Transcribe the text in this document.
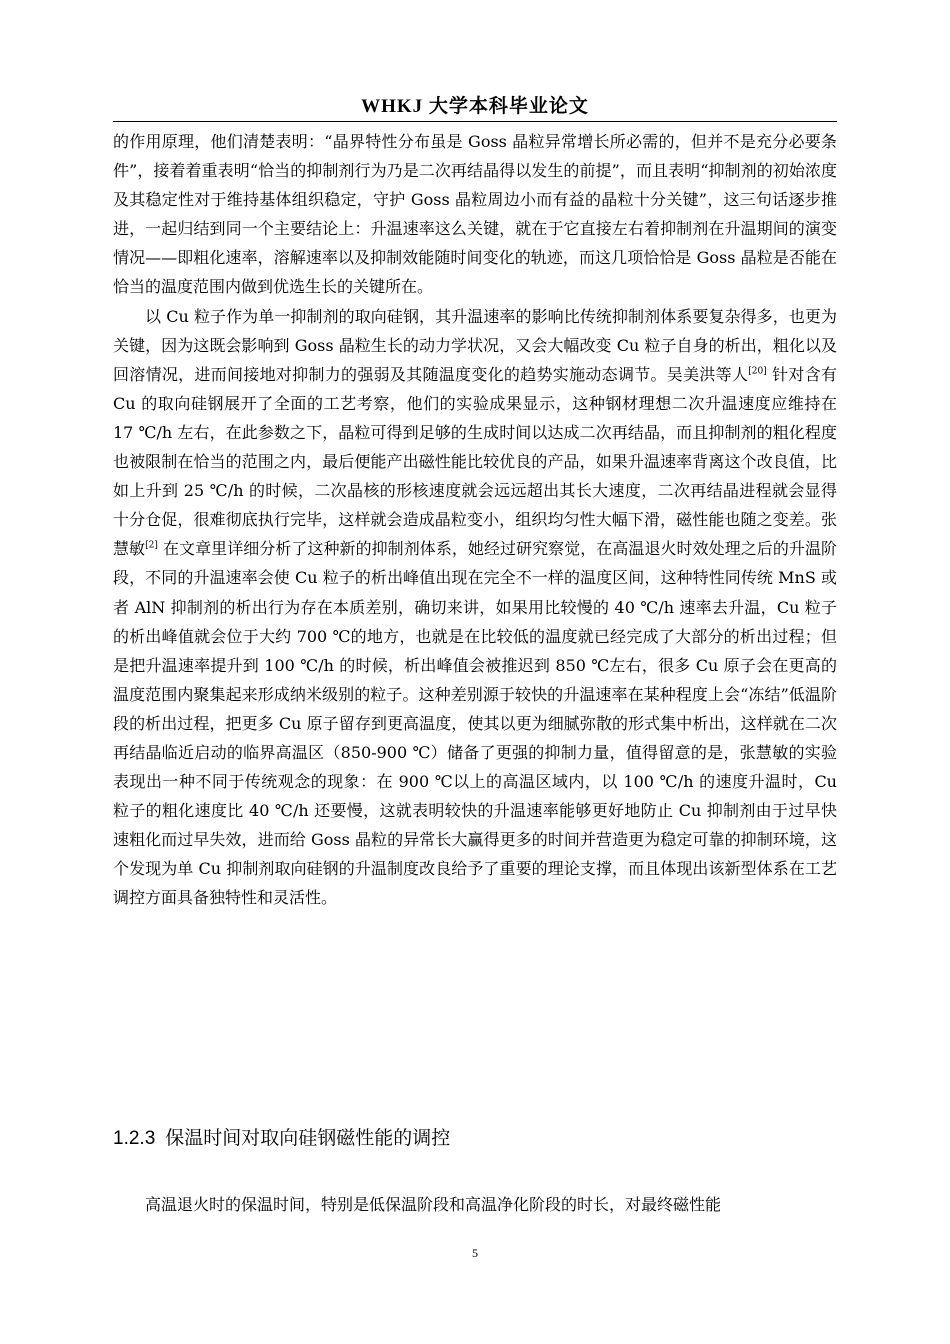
WHKJ 大学本科毕业论文

的作用原理，他们清楚表明：“晶界特性分布虽是 Goss 晶粒异常增长所必需的，但并不是充分必要条件”，接着着重表明“恰当的抑制剂行为乃是二次再结晶得以发生的前提”，而且表明“抑制剂的初始浓度及其稳定性对于维持基体组织稳定，守护 Goss 晶粒周边小而有益的晶粒十分关键”，这三句话逐步推进，一起归结到同一个主要结论上：升温速率这么关键，就在于它直接左右着抑制剂在升温期间的演变情况——即粗化速率，溶解速率以及抑制效能随时间变化的轨迹，而这几项恰恰是 Goss 晶粒是否能在恰当的温度范围内做到优选生长的关键所在。

以 Cu 粒子作为单一抑制剂的取向硅钢，其升温速率的影响比传统抑制剂体系要复杂得多，也更为关键，因为这既会影响到 Goss 晶粒生长的动力学状况，又会大幅改变 Cu 粒子自身的析出，粗化以及回溶情况，进而间接地对抑制力的强弱及其随温度变化的趋势实施动态调节。吴美洪等人[20] 针对含有 Cu 的取向硅钢展开了全面的工艺考察，他们的实验成果显示，这种钢材理想二次升温速度应维持在 17 ℃/h 左右，在此参数之下，晶粒可得到足够的生成时间以达成二次再结晶，而且抑制剂的粗化程度也被限制在恰当的范围之内，最后便能产出磁性能比较优良的产品，如果升温速率背离这个改良值，比如上升到 25 ℃/h 的时候，二次晶核的形核速度就会远远超出其长大速度，二次再结晶进程就会显得十分仓促，很难彻底执行完毕，这样就会造成晶粒变小，组织均匀性大幅下滑，磁性能也随之变差。张慧敏[2] 在文章里详细分析了这种新的抑制剂体系，她经过研究察觉，在高温退火时效处理之后的升温阶段，不同的升温速率会使 Cu 粒子的析出峰值出现在完全不一样的温度区间，这种特性同传统 MnS 或者 AlN 抑制剂的析出行为存在本质差别，确切来讲，如果用比较慢的 40 ℃/h 速率去升温，Cu 粒子的析出峰值就会位于大约 700 ℃的地方，也就是在比较低的温度就已经完成了大部分的析出过程；但是把升温速率提升到 100 ℃/h 的时候，析出峰值会被推迟到 850 ℃左右，很多 Cu 原子会在更高的温度范围内聚集起来形成纳米级别的粒子。这种差别源于较快的升温速率在某种程度上会“冻结”低温阶段的析出过程，把更多 Cu 原子留存到更高温度，使其以更为细腻弥散的形式集中析出，这样就在二次再结晶临近启动的临界高温区（850-900 ℃）储备了更强的抑制力量，值得留意的是，张慧敏的实验表现出一种不同于传统观念的现象：在 900 ℃以上的高温区域内，以 100 ℃/h 的速度升温时，Cu 粒子的粗化速度比 40 ℃/h 还要慢，这就表明较快的升温速率能够更好地防止 Cu 抑制剂由于过早快速粗化而过早失效，进而给 Goss 晶粒的异常长大赢得更多的时间并营造更为稳定可靠的抑制环境，这个发现为单 Cu 抑制剂取向硅钢的升温制度改良给予了重要的理论支撑，而且体现出该新型体系在工艺调控方面具备独特性和灵活性。

1.2.3 保温时间对取向硅钢磁性能的调控
高温退火时的保温时间，特别是低保温阶段和高温净化阶段的时长，对最终磁性能
5
